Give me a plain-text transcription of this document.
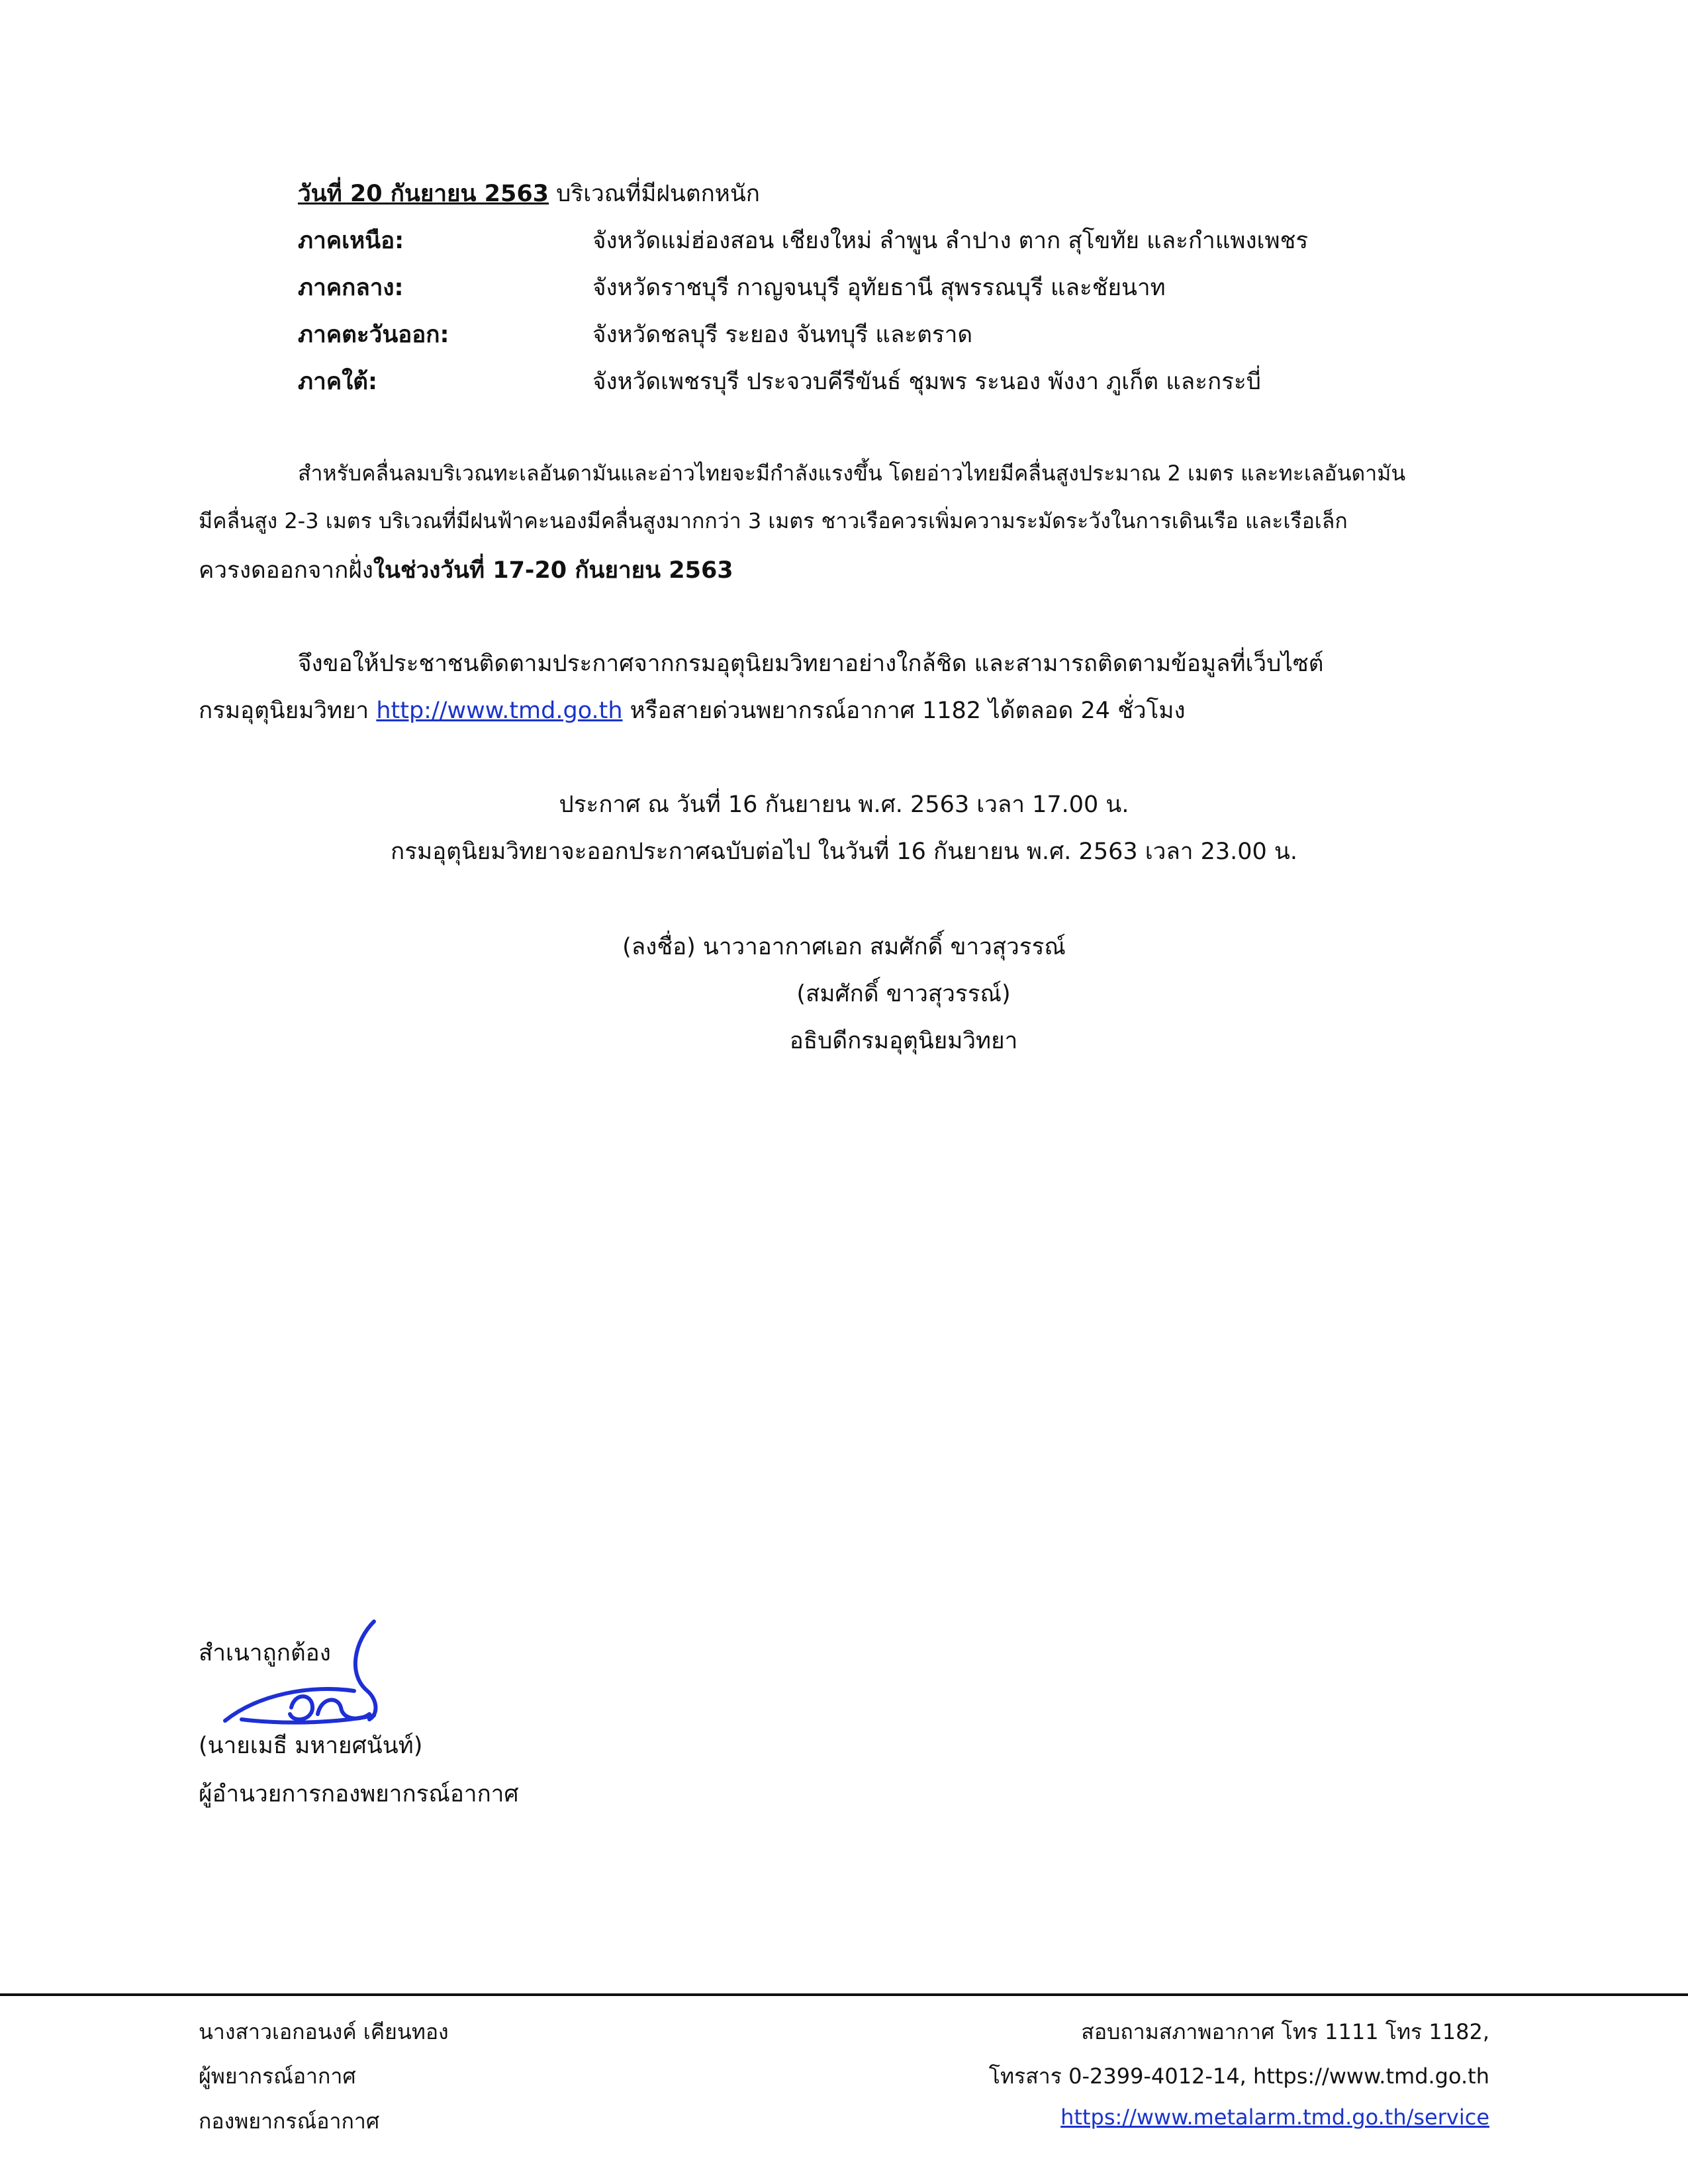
วันที่ 20 กันยายน 2563 บริเวณที่มีฝนตกหนัก
ภาคเหนือ:	จังหวัดแม่ฮ่องสอน เชียงใหม่ ลำพูน ลำปาง ตาก สุโขทัย และกำแพงเพชร
ภาคกลาง:	จังหวัดราชบุรี กาญจนบุรี อุทัยธานี สุพรรณบุรี และชัยนาท
ภาคตะวันออก:	จังหวัดชลบุรี ระยอง จันทบุรี และตราด
ภาคใต้:	จังหวัดเพชรบุรี ประจวบคีรีขันธ์ ชุมพร ระนอง พังงา ภูเก็ต และกระบี่
สำหรับคลื่นลมบริเวณทะเลอันดามันและอ่าวไทยจะมีกำลังแรงขึ้น โดยอ่าวไทยมีคลื่นสูงประมาณ 2 เมตร และทะเลอันดามัน
มีคลื่นสูง 2-3 เมตร บริเวณที่มีฝนฟ้าคะนองมีคลื่นสูงมากกว่า 3 เมตร ชาวเรือควรเพิ่มความระมัดระวังในการเดินเรือ และเรือเล็ก
ควรงดออกจากฝั่งในช่วงวันที่ 17-20 กันยายน 2563
จึงขอให้ประชาชนติดตามประกาศจากกรมอุตุนิยมวิทยาอย่างใกล้ชิด และสามารถติดตามข้อมูลที่เว็บไซต์
กรมอุตุนิยมวิทยา http://www.tmd.go.th หรือสายด่วนพยากรณ์อากาศ 1182 ได้ตลอด 24 ชั่วโมง
ประกาศ ณ วันที่ 16 กันยายน พ.ศ. 2563 เวลา 17.00 น.
กรมอุตุนิยมวิทยาจะออกประกาศฉบับต่อไป ในวันที่ 16 กันยายน พ.ศ. 2563 เวลา 23.00 น.
(ลงชื่อ) นาวาอากาศเอก สมศักดิ์ ขาวสุวรรณ์
(สมศักดิ์ ขาวสุวรรณ์)
อธิบดีกรมอุตุนิยมวิทยา
สำเนาถูกต้อง
(นายเมธี มหายศนันท์)
ผู้อำนวยการกองพยากรณ์อากาศ
นางสาวเอกอนงค์ เคียนทอง
ผู้พยากรณ์อากาศ
กองพยากรณ์อากาศ
สอบถามสภาพอากาศ โทร 1111 โทร 1182,
โทรสาร 0-2399-4012-14, https://www.tmd.go.th
https://www.metalarm.tmd.go.th/service
